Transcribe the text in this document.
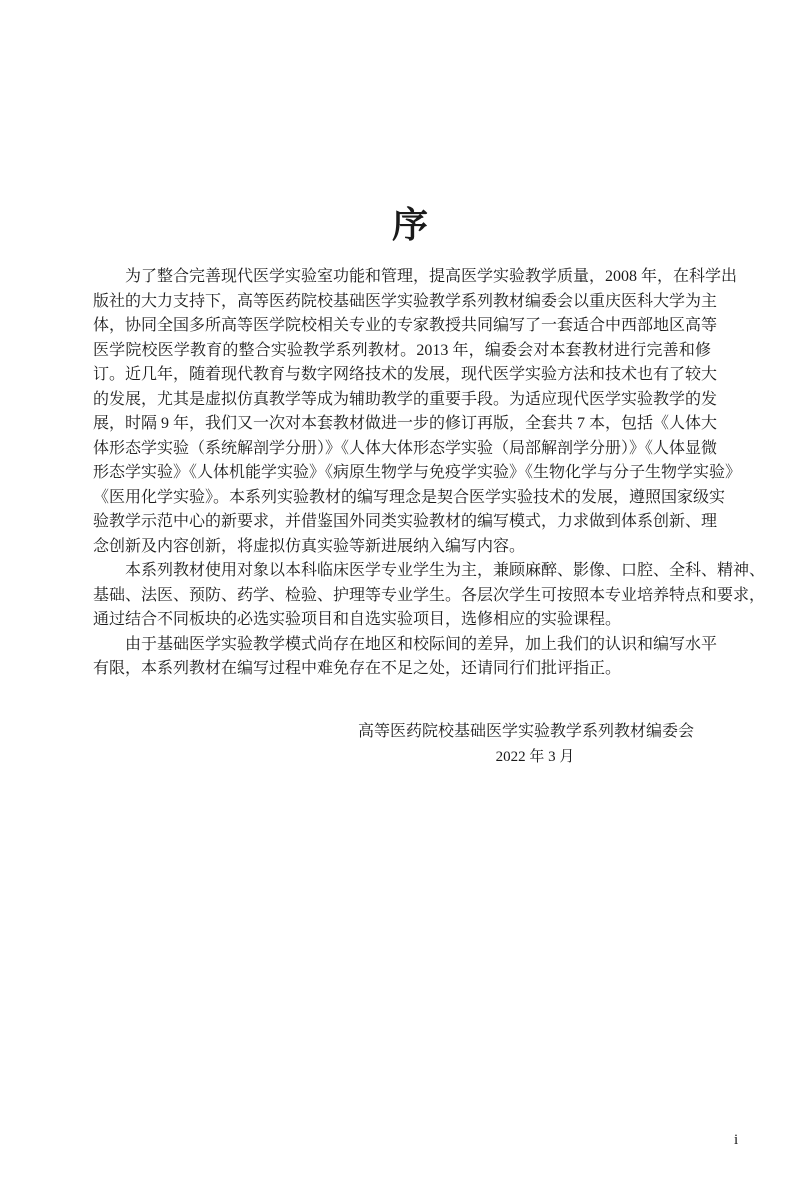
序
为了整合完善现代医学实验室功能和管理，提高医学实验教学质量，2008 年，在科学出
版社的大力支持下，高等医药院校基础医学实验教学系列教材编委会以重庆医科大学为主
体，协同全国多所高等医学院校相关专业的专家教授共同编写了一套适合中西部地区高等
医学院校医学教育的整合实验教学系列教材。2013 年，编委会对本套教材进行完善和修
订。近几年，随着现代教育与数字网络技术的发展，现代医学实验方法和技术也有了较大
的发展，尤其是虚拟仿真教学等成为辅助教学的重要手段。为适应现代医学实验教学的发
展，时隔 9 年，我们又一次对本套教材做进一步的修订再版，全套共 7 本，包括《人体大
体形态学实验（系统解剖学分册）》《人体大体形态学实验（局部解剖学分册）》《人体显微
形态学实验》《人体机能学实验》《病原生物学与免疫学实验》《生物化学与分子生物学实验》
《医用化学实验》。本系列实验教材的编写理念是契合医学实验技术的发展，遵照国家级实
验教学示范中心的新要求，并借鉴国外同类实验教材的编写模式，力求做到体系创新、理
念创新及内容创新，将虚拟仿真实验等新进展纳入编写内容。
本系列教材使用对象以本科临床医学专业学生为主，兼顾麻醉、影像、口腔、全科、精神、
基础、法医、预防、药学、检验、护理等专业学生。各层次学生可按照本专业培养特点和要求，
通过结合不同板块的必选实验项目和自选实验项目，选修相应的实验课程。
由于基础医学实验教学模式尚存在地区和校际间的差异，加上我们的认识和编写水平
有限，本系列教材在编写过程中难免存在不足之处，还请同行们批评指正。
高等医药院校基础医学实验教学系列教材编委会
2022 年 3 月
i
